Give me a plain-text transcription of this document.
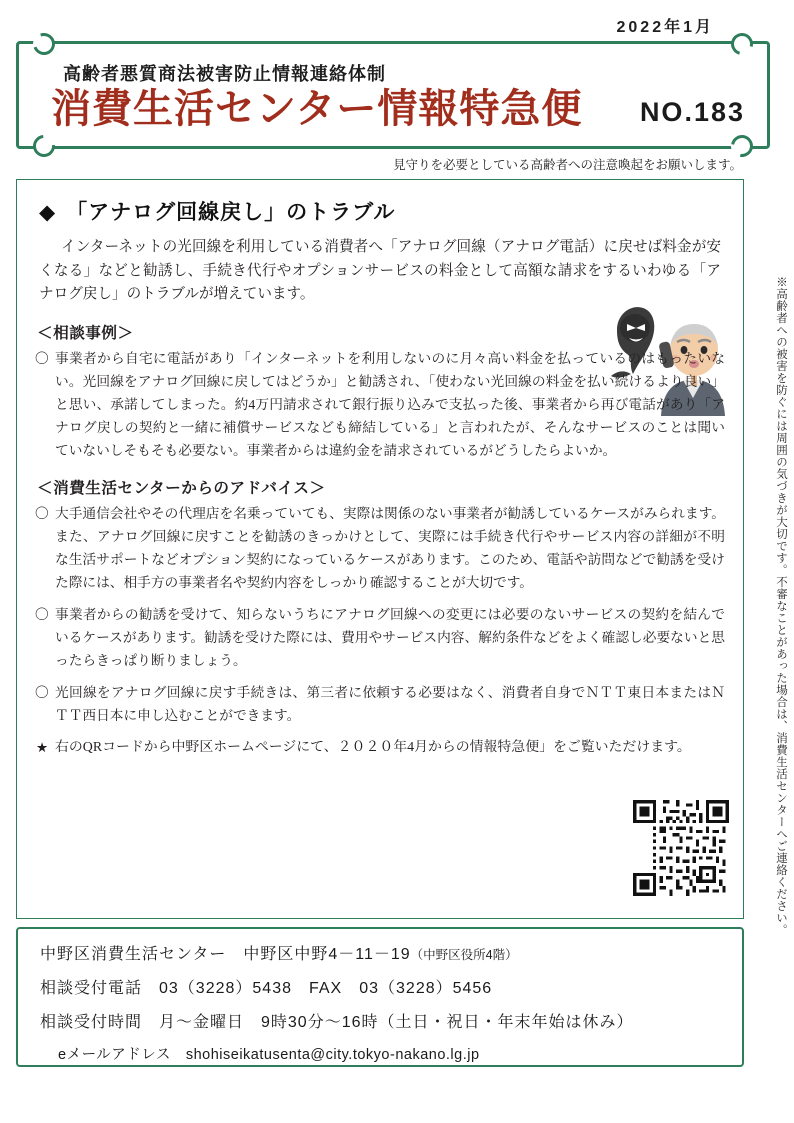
2022年1月
高齢者悪質商法被害防止情報連絡体制
消費生活センター情報特急便 NO.183
見守りを必要としている高齢者への注意喚起をお願いします。
※高齢者への被害を防ぐには周囲の気づきが大切です。不審なことがあった場合は、消費生活センターへご連絡ください。
◆ 「アナログ回線戻し」のトラブル
インターネットの光回線を利用している消費者へ「アナログ回線（アナログ電話）に戻せば料金が安くなる」などと勧誘し、手続き代行やオプションサービスの料金として高額な請求をするいわゆる「アナログ戻し」のトラブルが増えています。
＜相談事例＞
〇 事業者から自宅に電話があり「インターネットを利用しないのに月々高い料金を払っているのはもったいない。光回線をアナログ回線に戻してはどうか」と勧誘され、「使わない光回線の料金を払い続けるより良い」と思い、承諾してしまった。約4万円請求されて銀行振り込みで支払った後、事業者から再び電話があり「アナログ戻しの契約と一緒に補償サービスなども締結している」と言われたが、そんなサービスのことは聞いていないしそもそも必要ない。事業者からは違約金を請求されているがどうしたらよいか。
＜消費生活センターからのアドバイス＞
〇 大手通信会社やその代理店を名乗っていても、実際は関係のない事業者が勧誘しているケースがみられます。また、アナログ回線に戻すことを勧誘のきっかけとして、実際には手続き代行やサービス内容の詳細が不明な生活サポートなどオプション契約になっているケースがあります。このため、電話や訪問などで勧誘を受けた際には、相手方の事業者名や契約内容をしっかり確認することが大切です。
〇 事業者からの勧誘を受けて、知らないうちにアナログ回線への変更には必要のないサービスの契約を結んでいるケースがあります。勧誘を受けた際には、費用やサービス内容、解約条件などをよく確認し必要ないと思ったらきっぱり断りましょう。
〇 光回線をアナログ回線に戻す手続きは、第三者に依頼する必要はなく、消費者自身でＮＴＴ東日本またはＮＴＴ西日本に申し込むことができます。
★ 右のQRコードから中野区ホームページにて、２０２０年4月からの情報特急便」をご覧いただけます。
中野区消費生活センター　中野区中野4－11－19（中野区役所4階）
相談受付電話　03（3228）5438　FAX　03（3228）5456
相談受付時間　月～金曜日　9時30分～16時（土日・祝日・年末年始は休み）
eメールアドレス　shohiseikatusenta@city.tokyo-nakano.lg.jp
